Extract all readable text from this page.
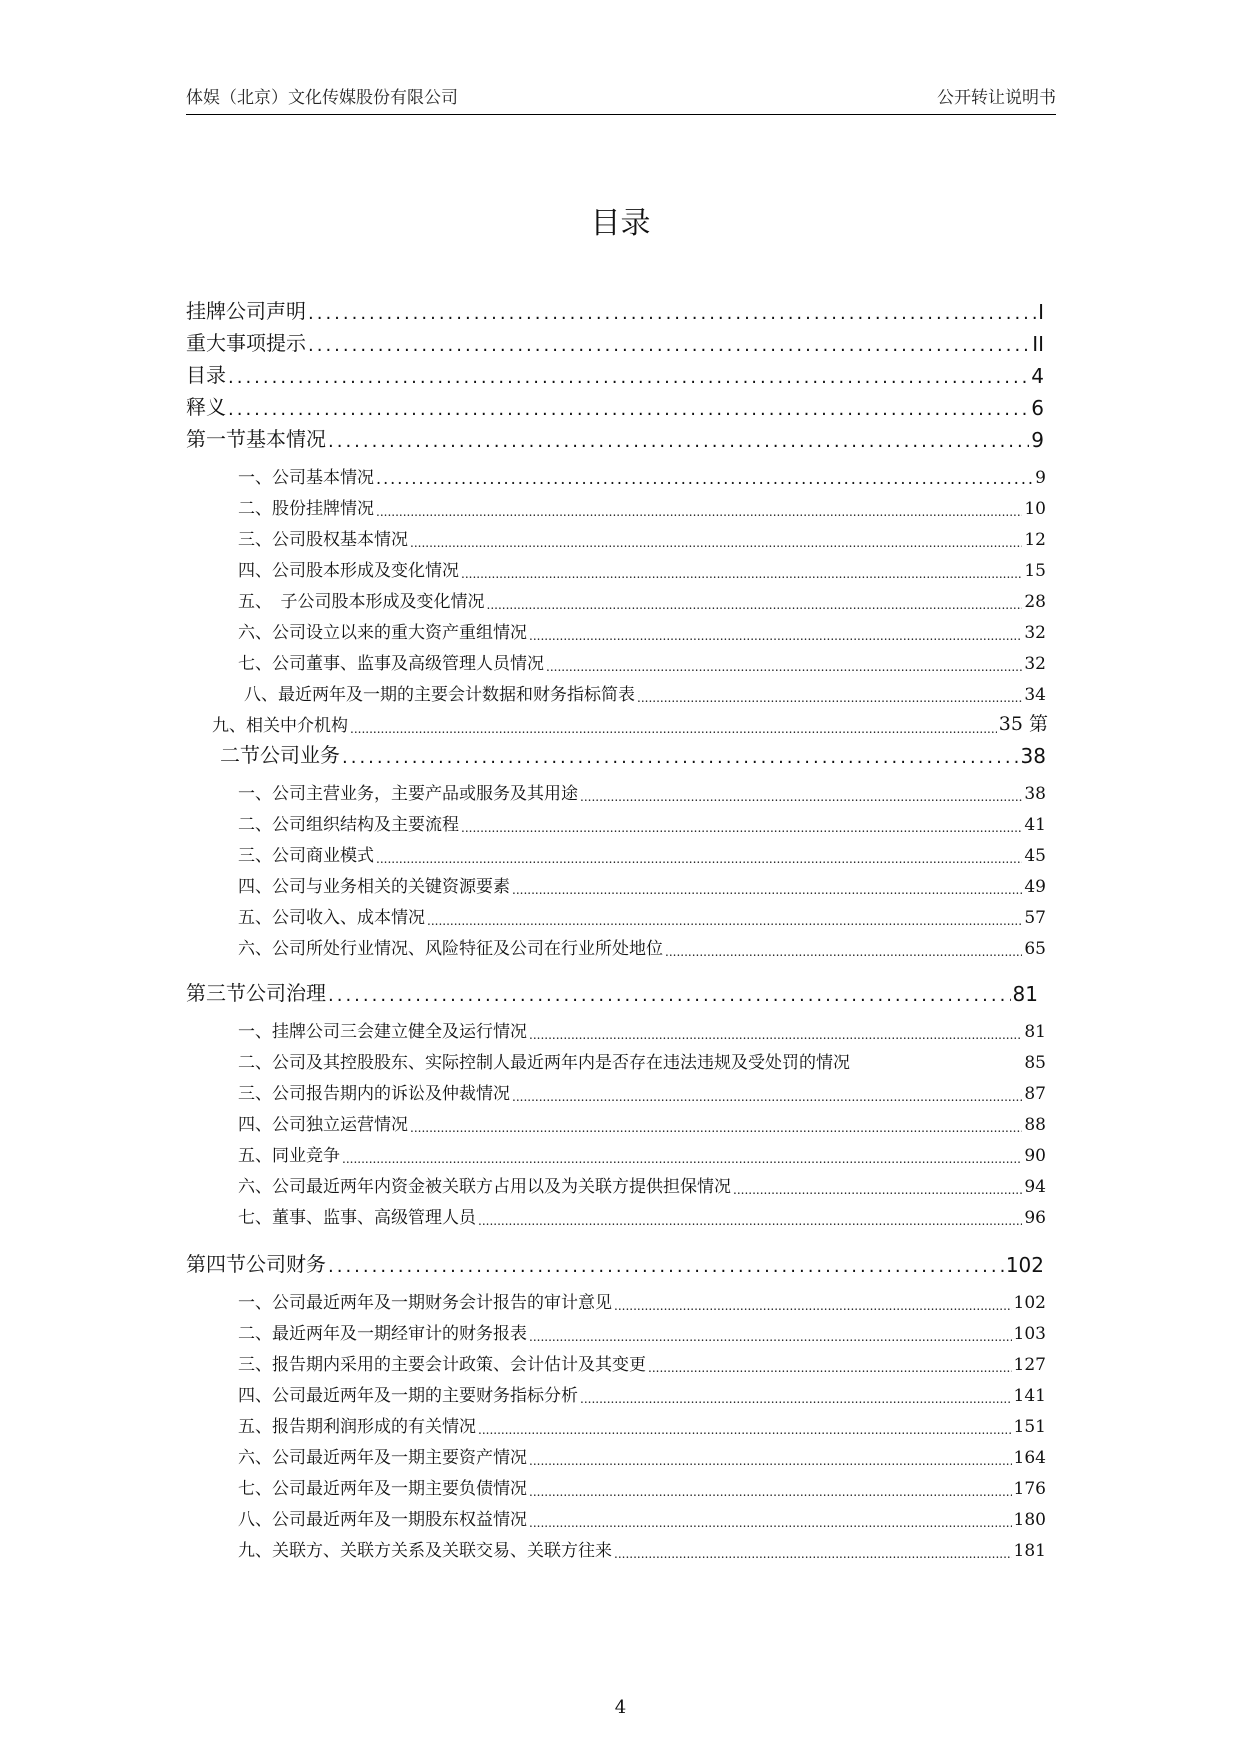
体娱（北京）文化传媒股份有限公司	公开转让说明书
目录
挂牌公司声明 .....	I
重大事项提示 .....	II
目录 .....	4
释义 .....	6
第一节基本情况 .....	9
一、公司基本情况 .....	9
二、股份挂牌情况 .....	10
三、公司股权基本情况 .....	12
四、公司股本形成及变化情况 .....	15
五、　子公司股本形成及变化情况 .....	28
六、公司设立以来的重大资产重组情况 .....	32
七、公司董事、监事及高级管理人员情况 .....	32
八、最近两年及一期的主要会计数据和财务指标简表 .....	34
九、相关中介机构 .....	35 第
二节公司业务 .....	38
一、公司主营业务，主要产品或服务及其用途 .....	38
二、公司组织结构及主要流程 .....	41
三、公司商业模式 .....	45
四、公司与业务相关的关键资源要素 .....	49
五、公司收入、成本情况 .....	57
六、公司所处行业情况、风险特征及公司在行业所处地位 .....	65
第三节公司治理 .....	81
一、挂牌公司三会建立健全及运行情况 .....	81
二、公司及其控股股东、实际控制人最近两年内是否存在违法违规及受处罚的情况	85
三、公司报告期内的诉讼及仲裁情况 .....	87
四、公司独立运营情况 .....	88
五、同业竞争 .....	90
六、公司最近两年内资金被关联方占用以及为关联方提供担保情况 .....	94
七、董事、监事、高级管理人员 .....	96
第四节公司财务 .....	102
一、公司最近两年及一期财务会计报告的审计意见 .....	102
二、最近两年及一期经审计的财务报表 .....	103
三、报告期内采用的主要会计政策、会计估计及其变更 .....	127
四、公司最近两年及一期的主要财务指标分析 .....	141
五、报告期利润形成的有关情况 .....	151
六、公司最近两年及一期主要资产情况 .....	164
七、公司最近两年及一期主要负债情况 .....	176
八、公司最近两年及一期股东权益情况 .....	180
九、关联方、关联方关系及关联交易、关联方往来 .....	181
4
